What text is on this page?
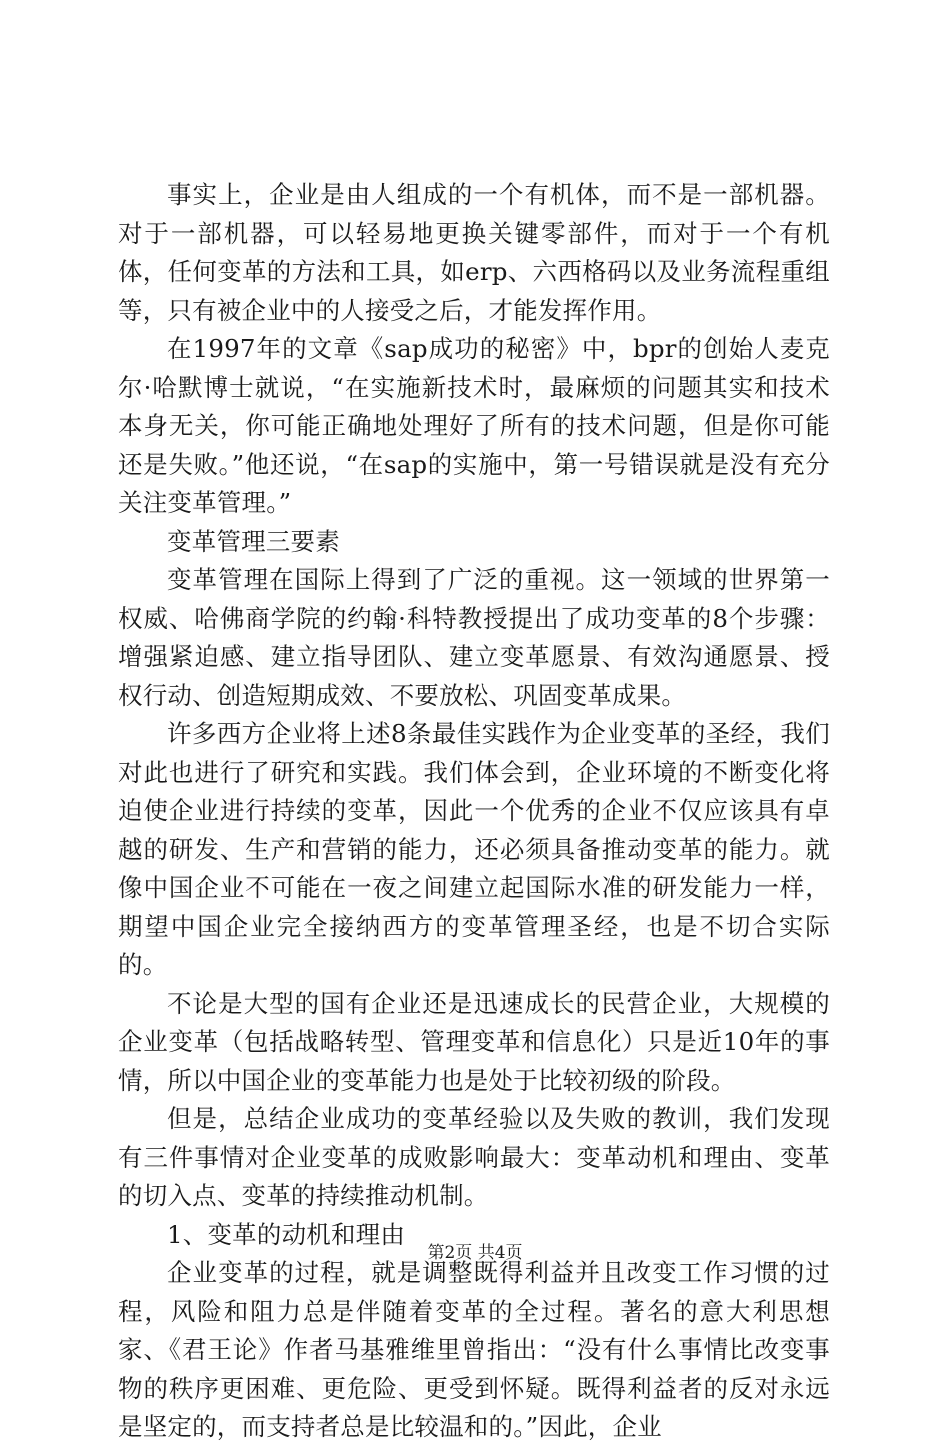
事实上，企业是由人组成的一个有机体，而不是一部机器。对于一部机器，可以轻易地更换关键零部件，而对于一个有机体，任何变革的方法和工具，如erp、六西格码以及业务流程重组等，只有被企业中的人接受之后，才能发挥作用。

在1997年的文章《sap成功的秘密》中，bpr的创始人麦克尔·哈默博士就说，“在实施新技术时，最麻烦的问题其实和技术本身无关，你可能正确地处理好了所有的技术问题，但是你可能还是失败。”他还说，“在sap的实施中，第一号错误就是没有充分关注变革管理。”

变革管理三要素

变革管理在国际上得到了广泛的重视。这一领域的世界第一权威、哈佛商学院的约翰·科特教授提出了成功变革的8个步骤：增强紧迫感、建立指导团队、建立变革愿景、有效沟通愿景、授权行动、创造短期成效、不要放松、巩固变革成果。

许多西方企业将上述8条最佳实践作为企业变革的圣经，我们对此也进行了研究和实践。我们体会到，企业环境的不断变化将迫使企业进行持续的变革，因此一个优秀的企业不仅应该具有卓越的研发、生产和营销的能力，还必须具备推动变革的能力。就像中国企业不可能在一夜之间建立起国际水准的研发能力一样，期望中国企业完全接纳西方的变革管理圣经，也是不切合实际的。

不论是大型的国有企业还是迅速成长的民营企业，大规模的企业变革（包括战略转型、管理变革和信息化）只是近10年的事情，所以中国企业的变革能力也是处于比较初级的阶段。

但是，总结企业成功的变革经验以及失败的教训，我们发现有三件事情对企业变革的成败影响最大：变革动机和理由、变革的切入点、变革的持续推动机制。

1、变革的动机和理由

企业变革的过程，就是调整既得利益并且改变工作习惯的过程，风险和阻力总是伴随着变革的全过程。著名的意大利思想家、《君王论》作者马基雅维里曾指出：“没有什么事情比改变事物的秩序更困难、更危险、更受到怀疑。既得利益者的反对永远是坚定的，而支持者总是比较温和的。”因此，企业

第2页 共4页
